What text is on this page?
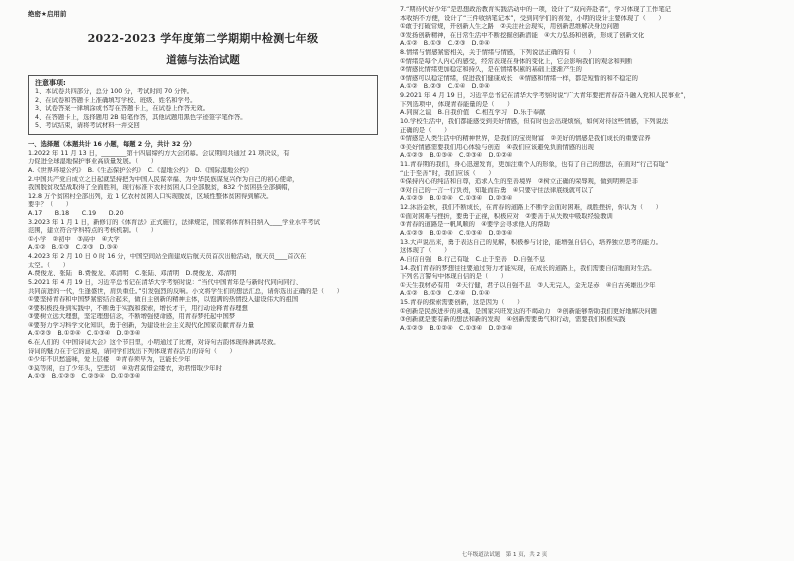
绝密★启用前
2022-2023 学年度第二学期期中检测七年级
道德与法治试题
注意事项:
1、本试卷共四部分，总分 100 分，考试时间 70 分钟。
2、在试卷和答题卡上准确填写学校、班级、姓名和学号。
3、试卷答案一律填涂或书写在答题卡上，在试卷上作答无效。
4、在答题卡上，选择题用 2B 铅笔作答，其他试题用黑色字迹签字笔作答。
5、考试结束，请将考试材料一并交回
一、选择题（本题共计 16 小题，每题 2 分，共计 32 分）
1.2022 年 11 月 13 日，________第十四届缔约方大会闭幕。会议期间共通过 21 项决议，有
力促进全球湿地保护事业高质量发展。（　　）
A.《世界环境公约》　B.《生态保护公约》　C.《湿地公约》　D.《国际湿地公约》
2.中国共产党自成立之日起就坚持把为中国人民谋幸福、为中华民族谋复兴作为自己的初心使命，
我国脱贫攻坚战取得了全面胜利，现行标准下农村贫困人口全部脱贫，832 个贫困县全部摘帽，
12.8 万个贫困村全部出列，近 1 亿农村贫困人口实现脱贫，区域性整体贫困得到解决。
要乎？（　　）
A.17　　B.18　　C.19　　D.20
3.2023 年 1 月 1 日，新修订的《体育法》正式施行，法律规定，国家将体育科目纳入____学业水平考试
范围，建立符合学科特点的考核机制。（　　）
①小学　②初中　③高中　④大学
A.①②　B.①③　C.②③　D.③④
4.2023 年 2 月 10 日 0 时 16 分，中国空间站全面建成后航天员首次出舱活动，航天员____首次在
太空。（　　）
A.费俊龙、张陆　B.费俊龙、邓清明　C.张陆、邓清明　D.费俊龙、邓清明
5.2021 年 4 月 19 日，习近平总书记在清华大学考察时说：“当代中国青年是与新时代同向同行、
共同前进的一代，生逢盛世，肩负重任。”引发强烈的反响。小文将学生们的想法汇总，请你选出正确的是（　　）
①要坚持青春和中国梦紧密结合起来，做自主创新的精神主体，以饱满的热情投入建设伟大的祖国
②要积极投身到实践中，不断勇于实践和探索，增长才干，用行动诠释青春理想
③要树立远大理想，坚定理想信念，不断增强使命感，用青春梦托起中国梦
④要努力学习科学文化知识，勇于创新，为建设社会主义现代化国家贡献青春力量
A.①②③　B.①②④　C.①③④　D.②③④
6.在人们的《中国诗词大会》这个节目里，小明通过了比赛，对诗句古韵体现得淋漓尽致。
诗词的魅力在于它的意境，请同学们找出下列体现青春活力的诗句（　　）
①少年不识愁滋味，爱上层楼　②青春须早为，岂能长少年
③莫等闲，白了少年头，空悲切　④劝君莫惜金缕衣，劝君惜取少年时
A.①③　B.①②③　C.②③④　D.①②③④
7.“期待代好少年”是思想政治教育实践活动中的一项，设计了“双向奔赴者”，学习体现了工作笔记
本收纳不方便，设计了“三件收纳笔记本”，受到同学们的喜爱，小明的设计主要体现了（　　）
①敢于打破常规，开创新人生之路　②关注社会现实，用创新思维解决身边问题
③发扬创新精神，在日常生活中不断挖掘创新潜能　④大力弘扬和创新，形成了创新文化
A.①②　B.①③　C.②③　D.②④
8.情绪与情感紧密相关，关于情绪与情感，下列说法正确的有（　　）
①情绪是每个人内心的感受，经常表现在身体的变化上，它会影响我们的观念和判断
②情感比情绪更加稳定和持久，是在情绪积累的基础上逐渐产生的
③情感可以稳定情绪，促进我们健康成长　④情感和情绪一样，都是短暂的和不稳定的
A.①②　B.②③　C.①④　D.②④
9.2021 年 4 月 19 日，习近平总书记在清华大学考察时说“广大青年要把青春奋斗融入党和人民事业”，
下列选项中，体现青春能量的是（　　）
A.同窗之谊　B.自我价值　C.相互学习　D.乐于奉献
10.学校生活中，我们都能感受到美好情感，但有时也会出现烦恼，如何对待这些情感，下列说法
正确的是（　　）
①情感是人类生活中的精神世界，是我们的宝贵财富　②美好的情感是我们成长的重要营养
③美好情感需要我们用心体验与创造　④我们应该避免负面情感的出现
A.①②③　B.①③④　C.②③④　D.①②④
11.青春期的我们，身心迅速发育，更加注重个人的形象，也有了自己的想法，在面对“行己有耻”
“止于至善”时，我们应该（　　）
①保持内心的纯洁和自尊，追求人生的至善境界　②树立正确的荣辱观，做到明辨是非
③对自己的一言一行负责，知耻而后勇　④只要守住法律底线就可以了
A.①②③　B.①②④　C.①③④　D.②③④
12.沐浴金秋，我们不断成长，在青春的道路上不断学会面对困难，战胜挫折，你认为（　　）
①面对困难与挫折，要勇于正视，积极应对　②要善于从失败中吸取经验教训
③青春的道路是一帆风顺的　④要学会寻求他人的帮助
A.①②③　B.①②④　C.①③④　D.②③④
13.大声说出来，勇于表达自己的见解，积极参与讨论，能增强自信心，培养独立思考的能力。
这体现了（　　）
A.自信自强　B.行己有耻　C.止于至善　D.自强不息
14.我们青春的梦想往往要通过努力才能实现，在成长的道路上，我们需要自信地面对生活。
下列名言警句中体现自信的是（　　）
①天生我材必有用　②天行健，君子以自强不息　③人无完人，金无足赤　④自古英雄出少年
A.①②　B.①③　C.②④　D.①④
15.青春的探索需要创新，这是因为（　　）
①创新是民族进步的灵魂，是国家兴旺发达的不竭动力　②创新能够帮助我们更好地解决问题
③创新就是要有新的想法和新的发现　④创新需要勇气和行动，需要我们积极实践
A.①②③　B.①②④　C.①③④　D.②③④
七年级道法试题　第 1 页，共 2 页
